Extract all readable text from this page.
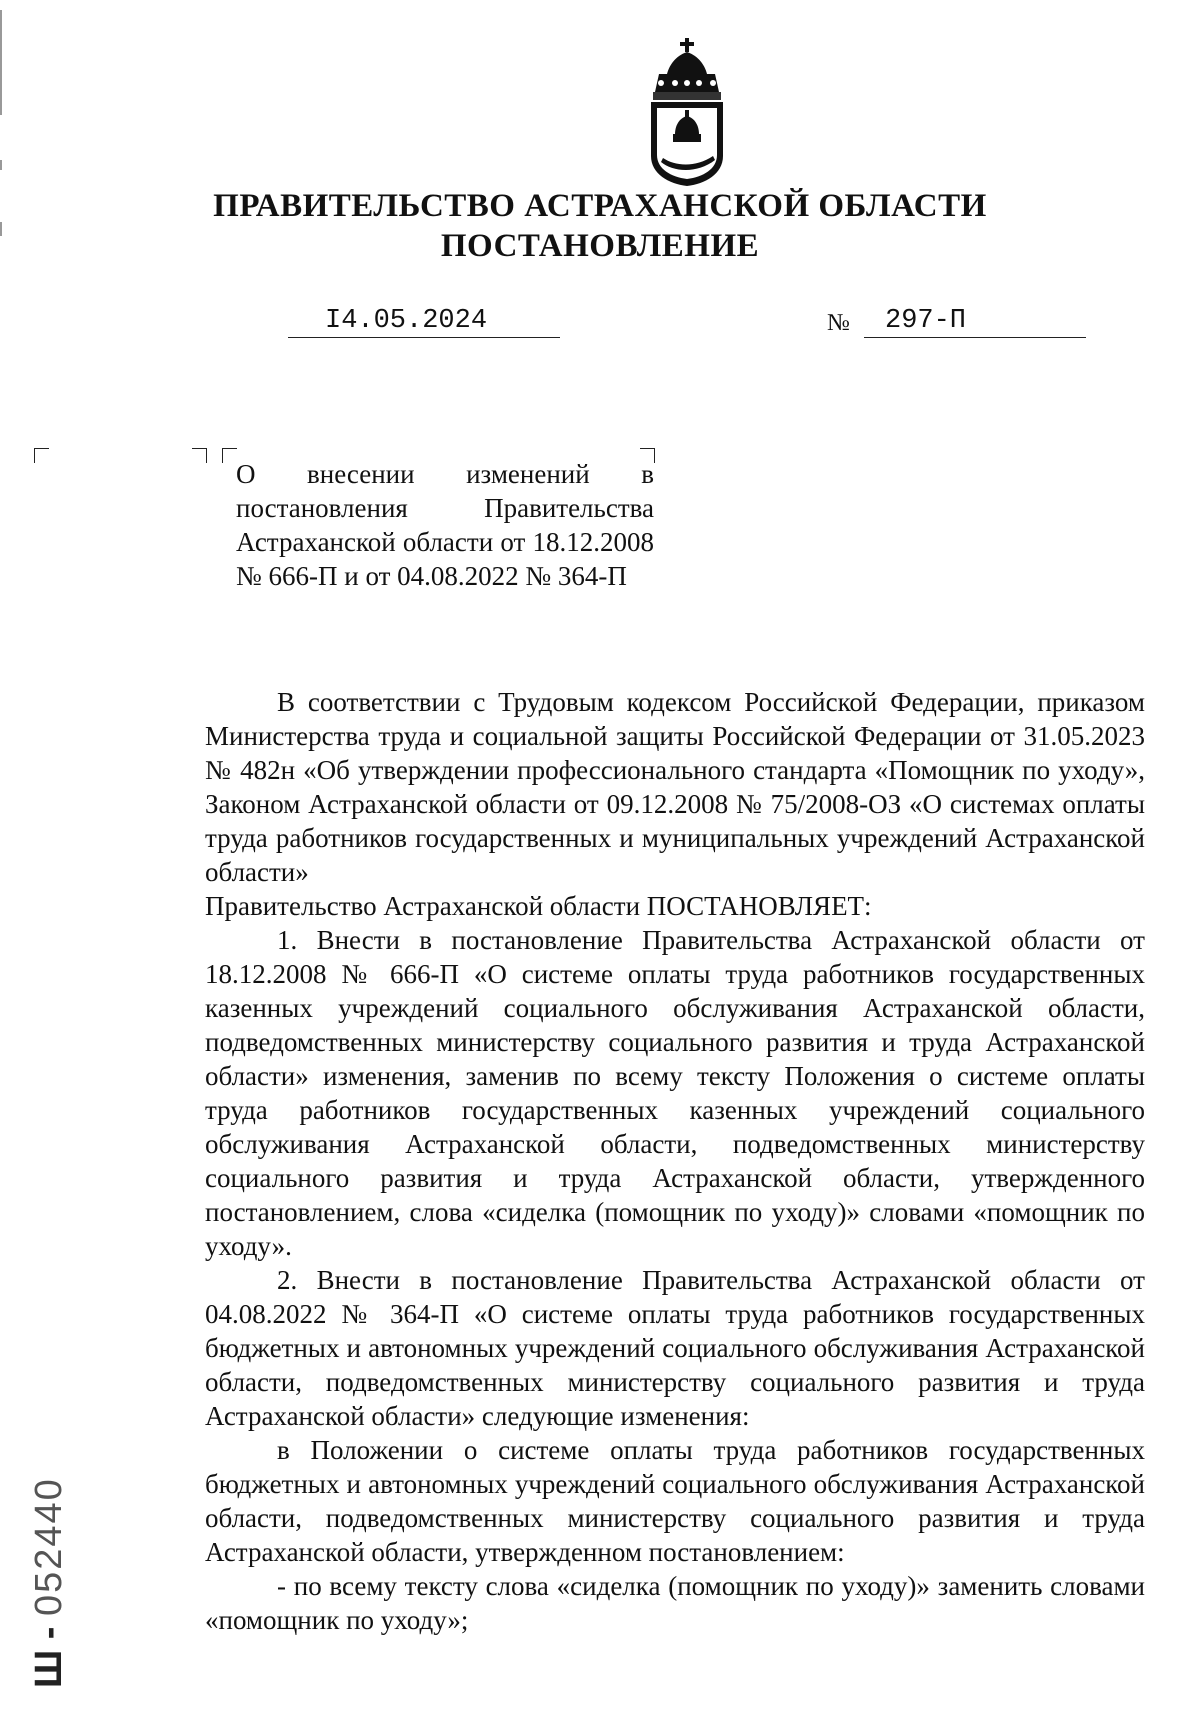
ПРАВИТЕЛЬСТВО АСТРАХАНСКОЙ ОБЛАСТИ
ПОСТАНОВЛЕНИЕ
I4.05.2024	№ 297-П
О внесении изменений в постановления Правительства Астраханской области от 18.12.2008 № 666-П и от 04.08.2022 № 364-П

В соответствии с Трудовым кодексом Российской Федерации, приказом Министерства труда и социальной защиты Российской Федерации от 31.05.2023 № 482н «Об утверждении профессионального стандарта «Помощник по уходу», Законом Астраханской области от 09.12.2008 № 75/2008-ОЗ «О системах оплаты труда работников государственных и муниципальных учреждений Астраханской области»

Правительство Астраханской области ПОСТАНОВЛЯЕТ:

1. Внести в постановление Правительства Астраханской области от 18.12.2008 № 666-П «О системе оплаты труда работников государственных казенных учреждений социального обслуживания Астраханской области, подведомственных министерству социального развития и труда Астраханской области» изменения, заменив по всему тексту Положения о системе оплаты труда работников государственных казенных учреждений социального обслуживания Астраханской области, подведомственных министерству социального развития и труда Астраханской области, утвержденного постановлением, слова «сиделка (помощник по уходу)» словами «помощник по уходу».

2. Внести в постановление Правительства Астраханской области от 04.08.2022 № 364-П «О системе оплаты труда работников государственных бюджетных и автономных учреждений социального обслуживания Астраханской области, подведомственных министерству социального развития и труда Астраханской области» следующие изменения:

в Положении о системе оплаты труда работников государственных бюджетных и автономных учреждений социального обслуживания Астраханской области, подведомственных министерству социального развития и труда Астраханской области, утвержденном постановлением:

- по всему тексту слова «сиделка (помощник по уходу)» заменить словами «помощник по уходу»;

Ш - 052440
